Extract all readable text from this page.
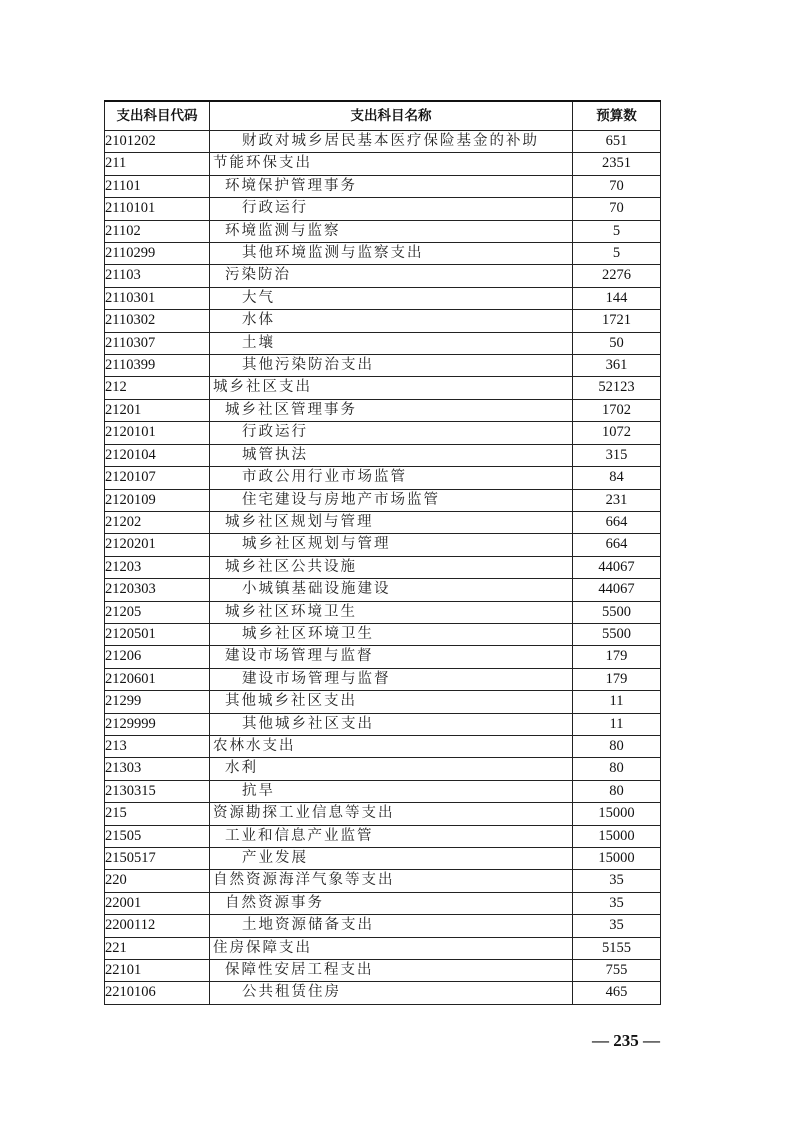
支出科目代码	支出科目名称	预算数
2101202	财政对城乡居民基本医疗保险基金的补助	651
211	节能环保支出	2351
21101	环境保护管理事务	70
2110101	行政运行	70
21102	环境监测与监察	5
2110299	其他环境监测与监察支出	5
21103	污染防治	2276
2110301	大气	144
2110302	水体	1721
2110307	土壤	50
2110399	其他污染防治支出	361
212	城乡社区支出	52123
21201	城乡社区管理事务	1702
2120101	行政运行	1072
2120104	城管执法	315
2120107	市政公用行业市场监管	84
2120109	住宅建设与房地产市场监管	231
21202	城乡社区规划与管理	664
2120201	城乡社区规划与管理	664
21203	城乡社区公共设施	44067
2120303	小城镇基础设施建设	44067
21205	城乡社区环境卫生	5500
2120501	城乡社区环境卫生	5500
21206	建设市场管理与监督	179
2120601	建设市场管理与监督	179
21299	其他城乡社区支出	11
2129999	其他城乡社区支出	11
213	农林水支出	80
21303	水利	80
2130315	抗旱	80
215	资源勘探工业信息等支出	15000
21505	工业和信息产业监管	15000
2150517	产业发展	15000
220	自然资源海洋气象等支出	35
22001	自然资源事务	35
2200112	土地资源储备支出	35
221	住房保障支出	5155
22101	保障性安居工程支出	755
2210106	公共租赁住房	465
— 235 —
